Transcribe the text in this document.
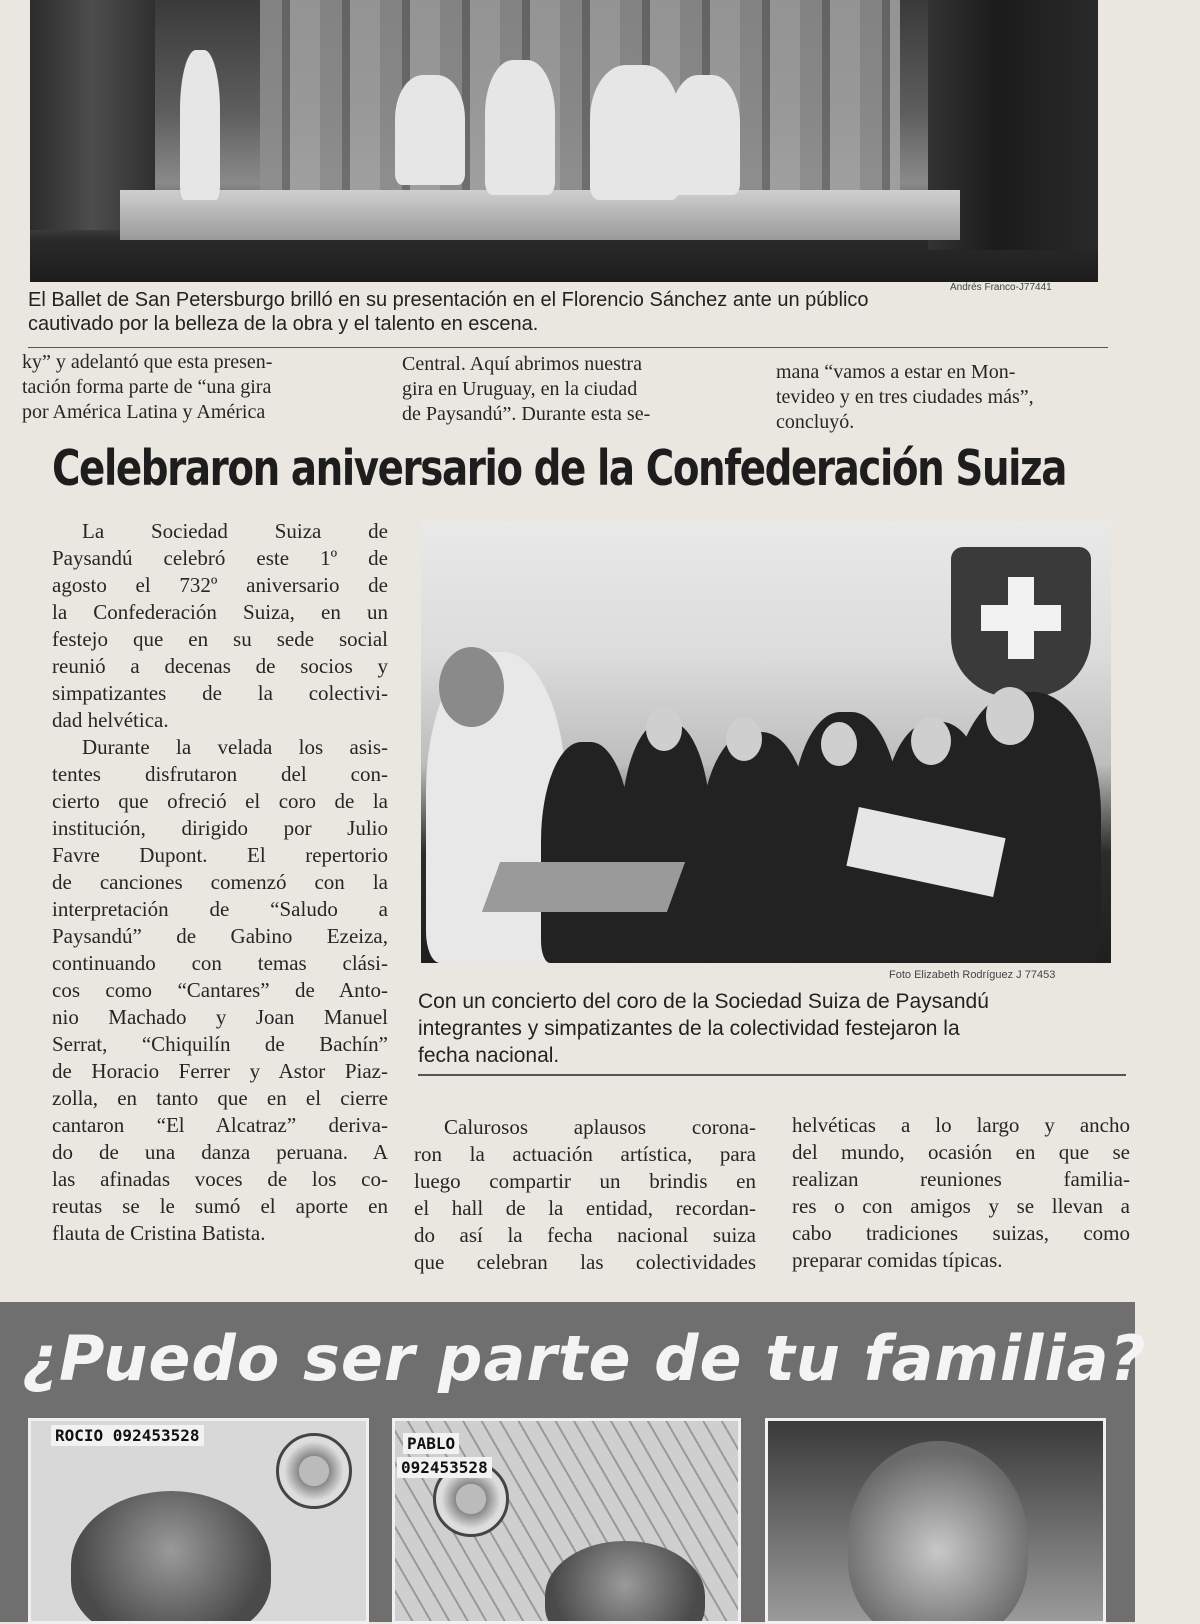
Andrés Franco-J77441
El Ballet de San Petersburgo brilló en su presentación en el Florencio Sánchez ante un público
cautivado por la belleza de la obra y el talento en escena.
ky” y adelantó que esta presen-
tación forma parte de “una gira
por América Latina y América
Central. Aquí abrimos nuestra
gira en Uruguay, en la ciudad
de Paysandú”. Durante esta se-
mana “vamos a estar en Mon-
tevideo y en tres ciudades más”,
concluyó.
Celebraron aniversario de la Confederación Suiza
La Sociedad Suiza de
Paysandú celebró este 1º de
agosto el 732º aniversario de
la Confederación Suiza, en un
festejo que en su sede social
reunió a decenas de socios y
simpatizantes de la colectivi-
dad helvética.
Durante la velada los asis-
tentes disfrutaron del con-
cierto que ofreció el coro de la
institución, dirigido por Julio
Favre Dupont. El repertorio
de canciones comenzó con la
interpretación de “Saludo a
Paysandú” de Gabino Ezeiza,
continuando con temas clási-
cos como “Cantares” de Anto-
nio Machado y Joan Manuel
Serrat, “Chiquilín de Bachín”
de Horacio Ferrer y Astor Piaz-
zolla, en tanto que en el cierre
cantaron “El Alcatraz” deriva-
do de una danza peruana. A
las afinadas voces de los co-
reutas se le sumó el aporte en
flauta de Cristina Batista.
Foto Elizabeth Rodríguez J 77453
Con un concierto del coro de la Sociedad Suiza de Paysandú
integrantes y simpatizantes de la colectividad festejaron la
fecha nacional.
Calurosos aplausos corona-
ron la actuación artística, para
luego compartir un brindis en
el hall de la entidad, recordan-
do así la fecha nacional suiza
que celebran las colectividades
helvéticas a lo largo y ancho
del mundo, ocasión en que se
realizan reuniones familia-
res o con amigos y se llevan a
cabo tradiciones suizas, como
preparar comidas típicas.
¿Puedo ser parte de tu familia?
ROCIO 092453528	PABLO
092453528
